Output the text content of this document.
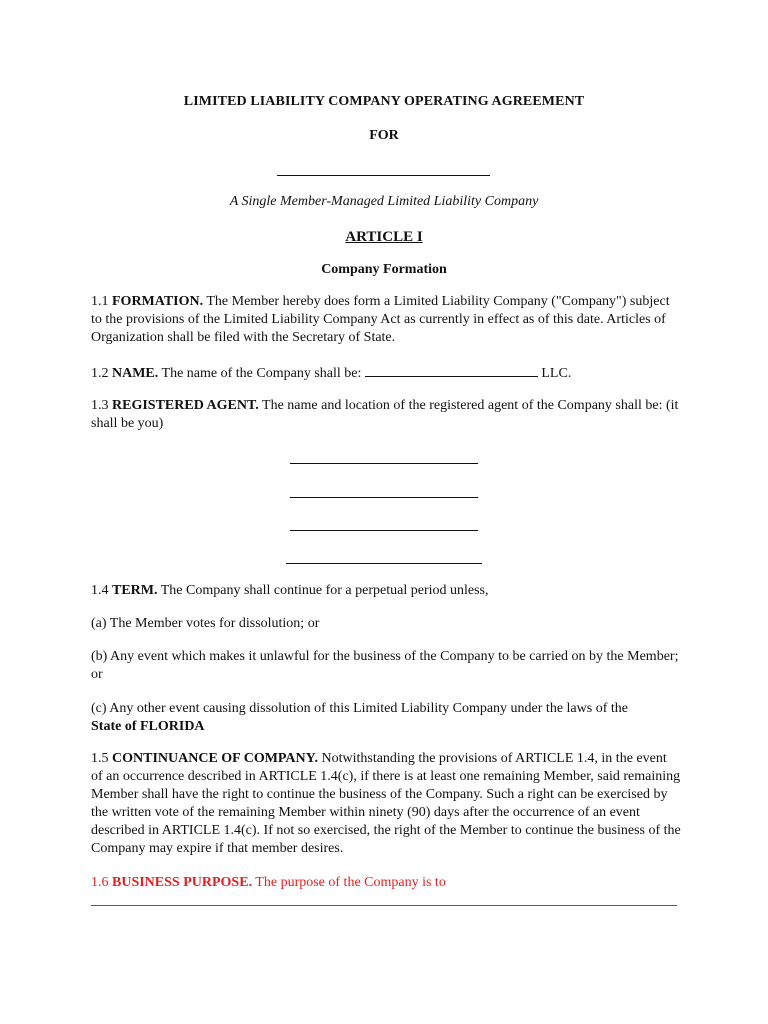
LIMITED LIABILITY COMPANY OPERATING AGREEMENT
FOR
A Single Member-Managed Limited Liability Company
ARTICLE I
Company Formation
1.1 FORMATION. The Member hereby does form a Limited Liability Company ("Company") subject to the provisions of the Limited Liability Company Act as currently in effect as of this date. Articles of Organization shall be filed with the Secretary of State.
1.2 NAME. The name of the Company shall be:	LLC.
1.3 REGISTERED AGENT. The name and location of the registered agent of the Company shall be: (it shall be you)
1.4 TERM. The Company shall continue for a perpetual period unless,
(a) The Member votes for dissolution; or
(b) Any event which makes it unlawful for the business of the Company to be carried on by the Member; or
(c) Any other event causing dissolution of this Limited Liability Company under the laws of the
State of FLORIDA
1.5 CONTINUANCE OF COMPANY. Notwithstanding the provisions of ARTICLE 1.4, in the event of an occurrence described in ARTICLE 1.4(c), if there is at least one remaining Member, said remaining Member shall have the right to continue the business of the Company. Such a right can be exercised by the written vote of the remaining Member within ninety (90) days after the occurrence of an event described in ARTICLE 1.4(c). If not so exercised, the right of the Member to continue the business of the Company may expire if that member desires.
1.6 BUSINESS PURPOSE. The purpose of the Company is to
